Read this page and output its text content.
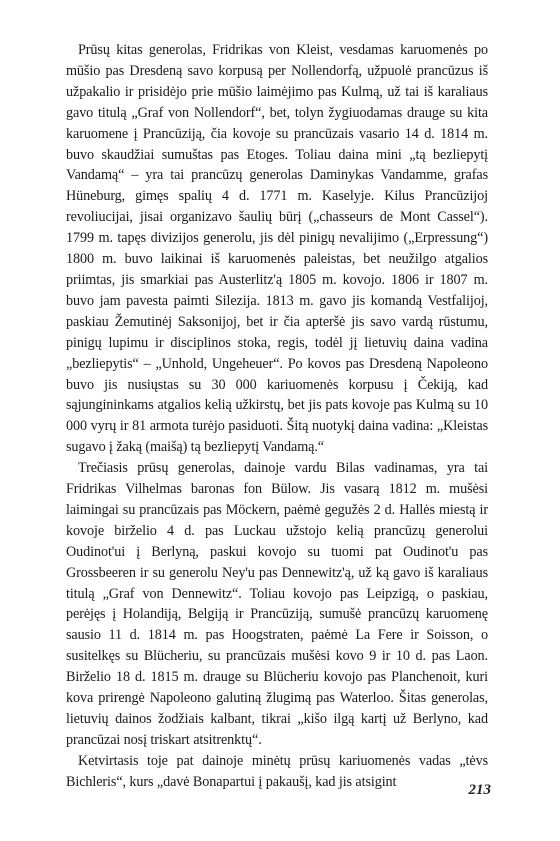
Prūsų kitas generolas, Fridrikas von Kleist, vesdamas karuomenės po mūšio pas Dresdeną savo korpusą per Nollendorfą, užpuolė prancūzus iš užpakalio ir prisidėjo prie mūšio laimėjimo pas Kulmą, už tai iš karaliaus gavo titulą „Graf von Nollendorf“, bet, tolyn žygiuodamas drauge su kita karuomene į Prancūziją, čia kovoje su prancūzais vasario 14 d. 1814 m. buvo skaudžiai sumuštas pas Etoges. Toliau daina mini „tą bezliepytį Vandamą“ – yra tai prancūzų generolas Daminykas Vandamme, grafas Hüneburg, gimęs spalių 4 d. 1771 m. Kaselyje. Kilus Prancūzijoj revoliucijai, jisai organizavo šaulių būrį („chasseurs de Mont Cassel“). 1799 m. tapęs divizijos generolu, jis dėl pinigų nevalijimo („Erpressung“) 1800 m. buvo laikinai iš karuomenės paleistas, bet neužilgo atgalios priimtas, jis smarkiai pas Austerlitz'ą 1805 m. kovojo. 1806 ir 1807 m. buvo jam pavesta paimti Silezija. 1813 m. gavo jis komandą Vestfalijoj, paskiau Žemutinėj Saksonijoj, bet ir čia apteršė jis savo vardą rūstumu, pinigų lupimu ir disciplinos stoka, regis, todėl jį lietuvių daina vadina „bezliepytis“ – „Unhold, Ungeheuer“. Po kovos pas Dresdeną Napoleono buvo jis nusiųstas su 30 000 kariuomenės korpusu į Čekiją, kad sąjungininkams atgalios kelią užkirstų, bet jis pats kovoje pas Kulmą su 10 000 vyrų ir 81 armota turėjo pasiduoti. Šitą nuotykį daina vadina: „Kleistas sugavo į žaką (maišą) tą bezliepytį Vandamą.“

Trečiasis prūsų generolas, dainoje vardu Bilas vadinamas, yra tai Fridrikas Vilhelmas baronas fon Bülow. Jis vasarą 1812 m. mušėsi laimingai su prancūzais pas Möckern, paėmė gegužės 2 d. Hallės miestą ir kovoje birželio 4 d. pas Luckau užstojo kelią prancūzų generolui Oudinot'ui į Berlyną, paskui kovojo su tuomi pat Oudinot'u pas Grossbeeren ir su generolu Ney'u pas Dennewitz'ą, už ką gavo iš karaliaus titulą „Graf von Dennewitz“. Toliau kovojo pas Leipzigą, o paskiau, perėjęs į Holandiją, Belgiją ir Prancūziją, sumušė prancūzų karuomenę sausio 11 d. 1814 m. pas Hoogstraten, paėmė La Fere ir Soisson, o susitelkęs su Blücheriu, su prancūzais mušėsi kovo 9 ir 10 d. pas Laon. Birželio 18 d. 1815 m. drauge su Blücheriu kovojo pas Planchenoit, kuri kova prirengė Napoleono galutiną žlugimą pas Waterloo. Šitas generolas, lietuvių dainos žodžiais kalbant, tikrai „kišo ilgą kartį už Berlyno, kad prancūzai nosį triskart atsitrenktų“.

Ketvirtasis toje pat dainoje minėtų prūsų kariuomenės vadas „tėvs Bichleris“, kurs „davė Bonapartui į pakaušį, kad jis atsigint

213
